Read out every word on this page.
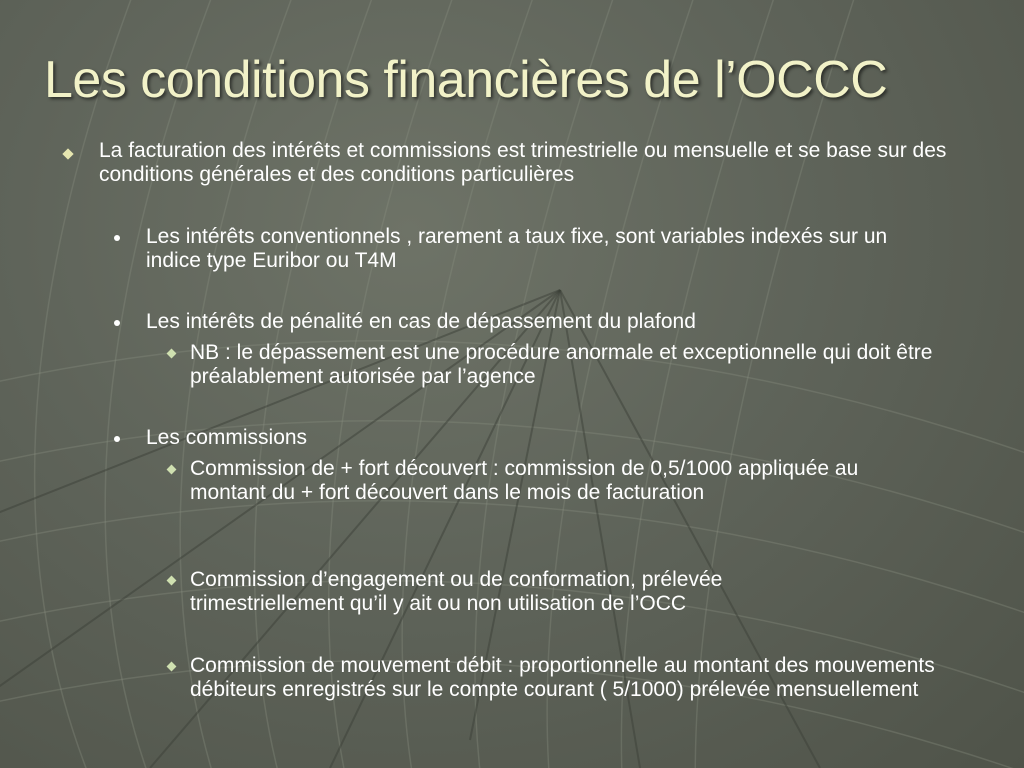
Les conditions financières de l’OCCC
La facturation des intérêts et commissions est trimestrielle ou mensuelle et se base sur des conditions générales et des conditions particulières
Les intérêts conventionnels , rarement a taux fixe, sont variables indexés sur un indice type Euribor ou T4M
Les intérêts de pénalité en cas de dépassement du plafond
NB : le dépassement est une procédure anormale et exceptionnelle qui doit être préalablement autorisée par l’agence
Les commissions
Commission de + fort découvert : commission de 0,5/1000 appliquée au montant du + fort découvert dans le mois de facturation
Commission d’engagement ou de conformation, prélevée trimestriellement qu’il y ait ou non utilisation de l’OCC
Commission de mouvement débit : proportionnelle au montant des mouvements débiteurs enregistrés sur le compte courant ( 5/1000) prélevée mensuellement
